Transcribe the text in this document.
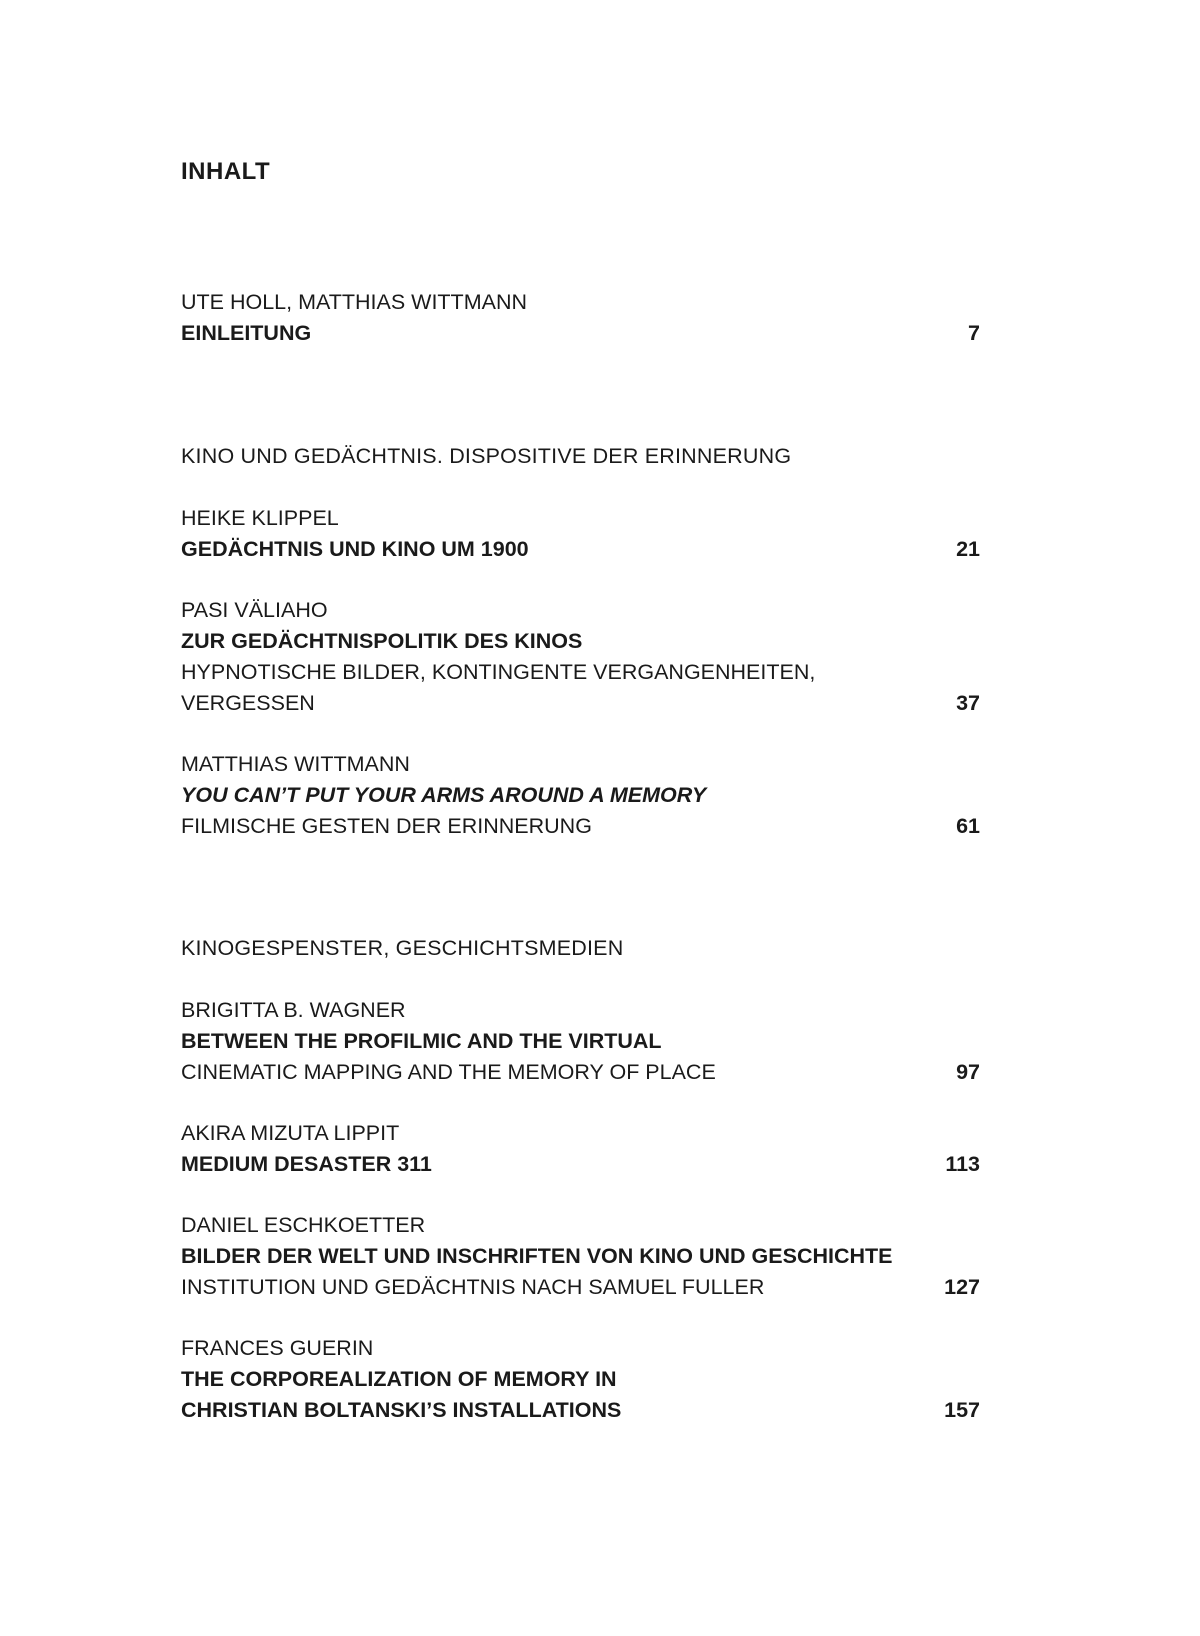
INHALT

UTE HOLL, MATTHIAS WITTMANN

EINLEITUNG	7

KINO UND GEDÄCHTNIS. DISPOSITIVE DER ERINNERUNG

HEIKE KLIPPEL

GEDÄCHTNIS UND KINO UM 1900	21

PASI VÄLIAHO

ZUR GEDÄCHTNISPOLITIK DES KINOS

HYPNOTISCHE BILDER, KONTINGENTE VERGANGENHEITEN,

VERGESSEN	37

MATTHIAS WITTMANN

YOU CAN’T PUT YOUR ARMS AROUND A MEMORY

FILMISCHE GESTEN DER ERINNERUNG	61

KINOGESPENSTER, GESCHICHTSMEDIEN

BRIGITTA B. WAGNER

BETWEEN THE PROFILMIC AND THE VIRTUAL

CINEMATIC MAPPING AND THE MEMORY OF PLACE	97

AKIRA MIZUTA LIPPIT

MEDIUM DESASTER 311	113

DANIEL ESCHKOETTER

BILDER DER WELT UND INSCHRIFTEN VON KINO UND GESCHICHTE

INSTITUTION UND GEDÄCHTNIS NACH SAMUEL FULLER	127

FRANCES GUERIN

THE CORPOREALIZATION OF MEMORY IN

CHRISTIAN BOLTANSKI’S INSTALLATIONS	157
